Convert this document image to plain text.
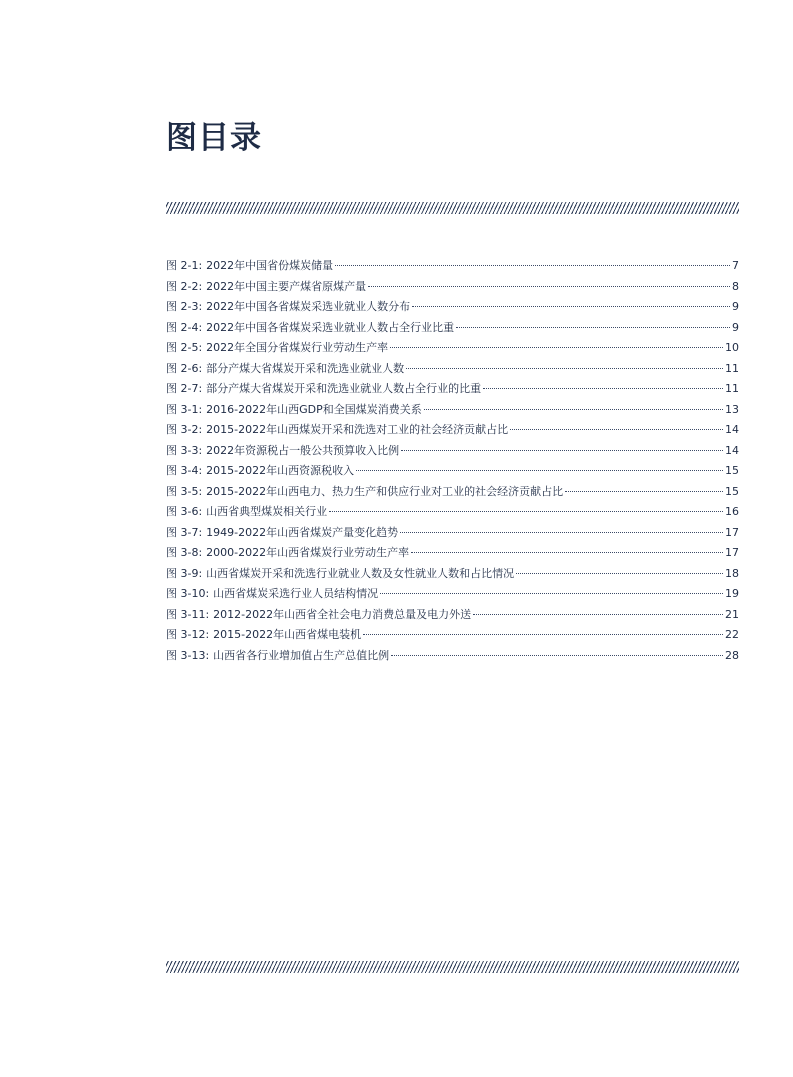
图目录
图 2-1: 2022年中国省份煤炭储量	7
图 2-2: 2022年中国主要产煤省原煤产量	8
图 2-3: 2022年中国各省煤炭采选业就业人数分布	9
图 2-4: 2022年中国各省煤炭采选业就业人数占全行业比重	9
图 2-5: 2022年全国分省煤炭行业劳动生产率	10
图 2-6: 部分产煤大省煤炭开采和洗选业就业人数	11
图 2-7: 部分产煤大省煤炭开采和洗选业就业人数占全行业的比重	11
图 3-1: 2016-2022年山西GDP和全国煤炭消费关系	13
图 3-2: 2015-2022年山西煤炭开采和洗选对工业的社会经济贡献占比	14
图 3-3: 2022年资源税占一般公共预算收入比例	14
图 3-4: 2015-2022年山西资源税收入	15
图 3-5: 2015-2022年山西电力、热力生产和供应行业对工业的社会经济贡献占比	15
图 3-6: 山西省典型煤炭相关行业	16
图 3-7: 1949-2022年山西省煤炭产量变化趋势	17
图 3-8: 2000-2022年山西省煤炭行业劳动生产率	17
图 3-9: 山西省煤炭开采和洗选行业就业人数及女性就业人数和占比情况	18
图 3-10: 山西省煤炭采选行业人员结构情况	19
图 3-11: 2012-2022年山西省全社会电力消费总量及电力外送	21
图 3-12: 2015-2022年山西省煤电装机	22
图 3-13: 山西省各行业增加值占生产总值比例	28
